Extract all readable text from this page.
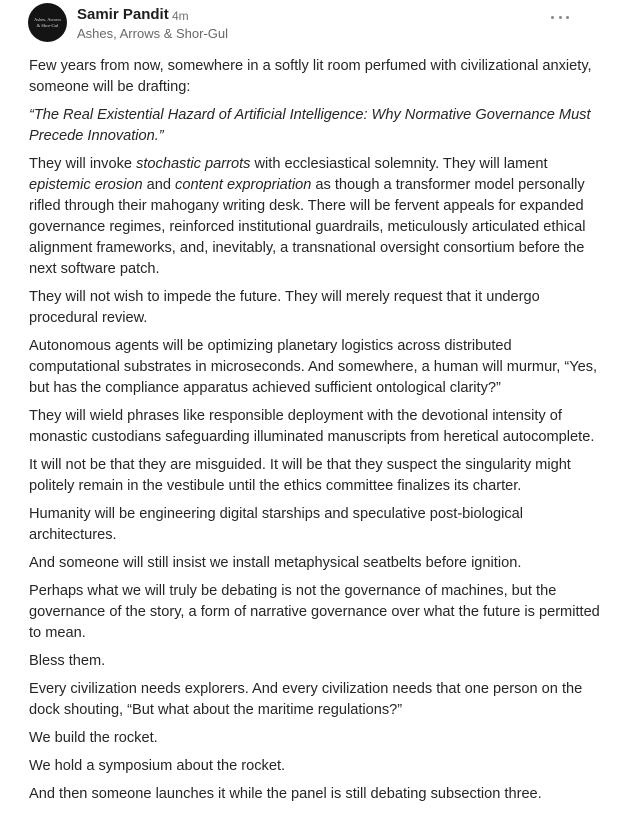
Ashes, Arrows
& Shor-Gul
Samir Pandit 4m
Ashes, Arrows & Shor-Gul

Few years from now, somewhere in a softly lit room perfumed with civilizational anxiety, someone will be drafting:

“The Real Existential Hazard of Artificial Intelligence: Why Normative Governance Must Precede Innovation.”

They will invoke stochastic parrots with ecclesiastical solemnity. They will lament epistemic erosion and content expropriation as though a transformer model personally rifled through their mahogany writing desk. There will be fervent appeals for expanded governance regimes, reinforced institutional guardrails, meticulously articulated ethical alignment frameworks, and, inevitably, a transnational oversight consortium before the next software patch.

They will not wish to impede the future. They will merely request that it undergo procedural review.

Autonomous agents will be optimizing planetary logistics across distributed computational substrates in microseconds. And somewhere, a human will murmur, “Yes, but has the compliance apparatus achieved sufficient ontological clarity?”

They will wield phrases like responsible deployment with the devotional intensity of monastic custodians safeguarding illuminated manuscripts from heretical autocomplete.

It will not be that they are misguided. It will be that they suspect the singularity might politely remain in the vestibule until the ethics committee finalizes its charter.

Humanity will be engineering digital starships and speculative post-biological architectures.

And someone will still insist we install metaphysical seatbelts before ignition.

Perhaps what we will truly be debating is not the governance of machines, but the governance of the story, a form of narrative governance over what the future is permitted to mean.

Bless them.

Every civilization needs explorers. And every civilization needs that one person on the dock shouting, “But what about the maritime regulations?”

We build the rocket.

We hold a symposium about the rocket.

And then someone launches it while the panel is still debating subsection three.
